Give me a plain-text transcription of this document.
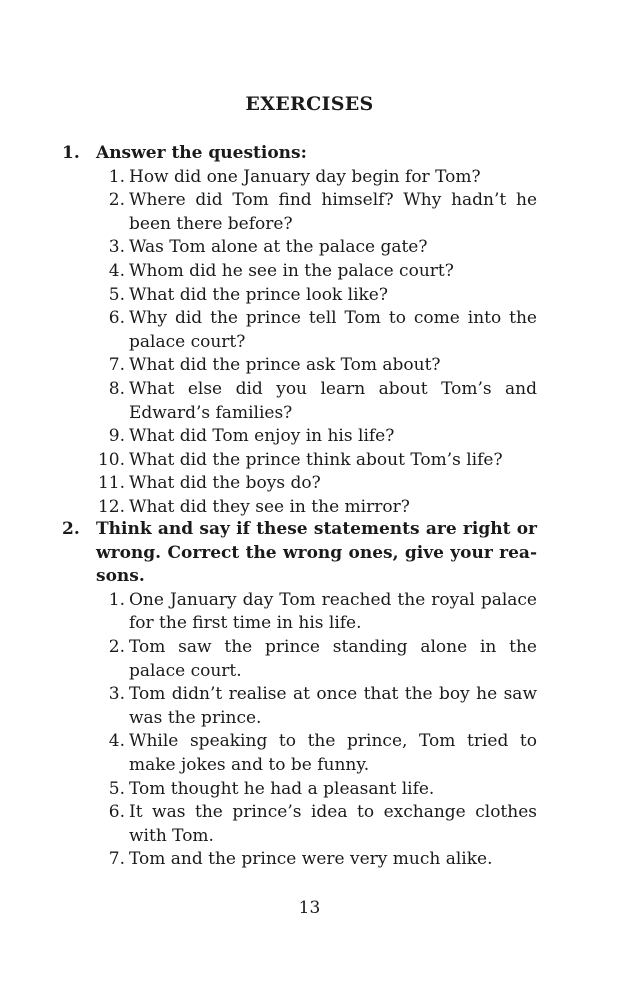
EXERCISES
1. Answer the questions:
1. How did one January day begin for Tom?
2. Where did Tom find himself? Why hadn’t he been there before?
3. Was Tom alone at the palace gate?
4. Whom did he see in the palace court?
5. What did the prince look like?
6. Why did the prince tell Tom to come into the palace court?
7. What did the prince ask Tom about?
8. What else did you learn about Tom’s and Edward’s families?
9. What did Tom enjoy in his life?
10. What did the prince think about Tom’s life?
11. What did the boys do?
12. What did they see in the mirror?
2. Think and say if these statements are right or wrong. Correct the wrong ones, give your reasons.
1. One January day Tom reached the royal palace for the first time in his life.
2. Tom saw the prince standing alone in the palace court.
3. Tom didn’t realise at once that the boy he saw was the prince.
4. While speaking to the prince, Tom tried to make jokes and to be funny.
5. Tom thought he had a pleasant life.
6. It was the prince’s idea to exchange clothes with Tom.
7. Tom and the prince were very much alike.
13
